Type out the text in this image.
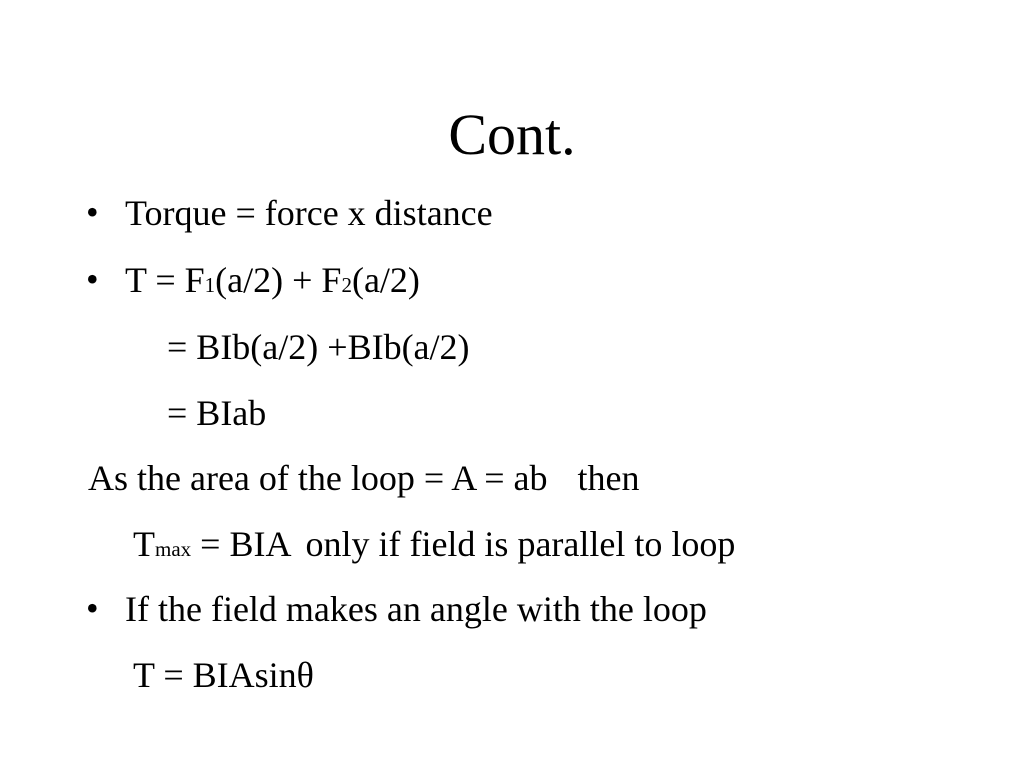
Cont.
• Torque = force x distance
• T = F1(a/2) + F2(a/2)
= BIb(a/2) +BIb(a/2)
= BIab
As the area of the loop = A = ab then
Tmax = BIA only if field is parallel to loop
• If the field makes an angle with the loop
T = BIAsinθ
